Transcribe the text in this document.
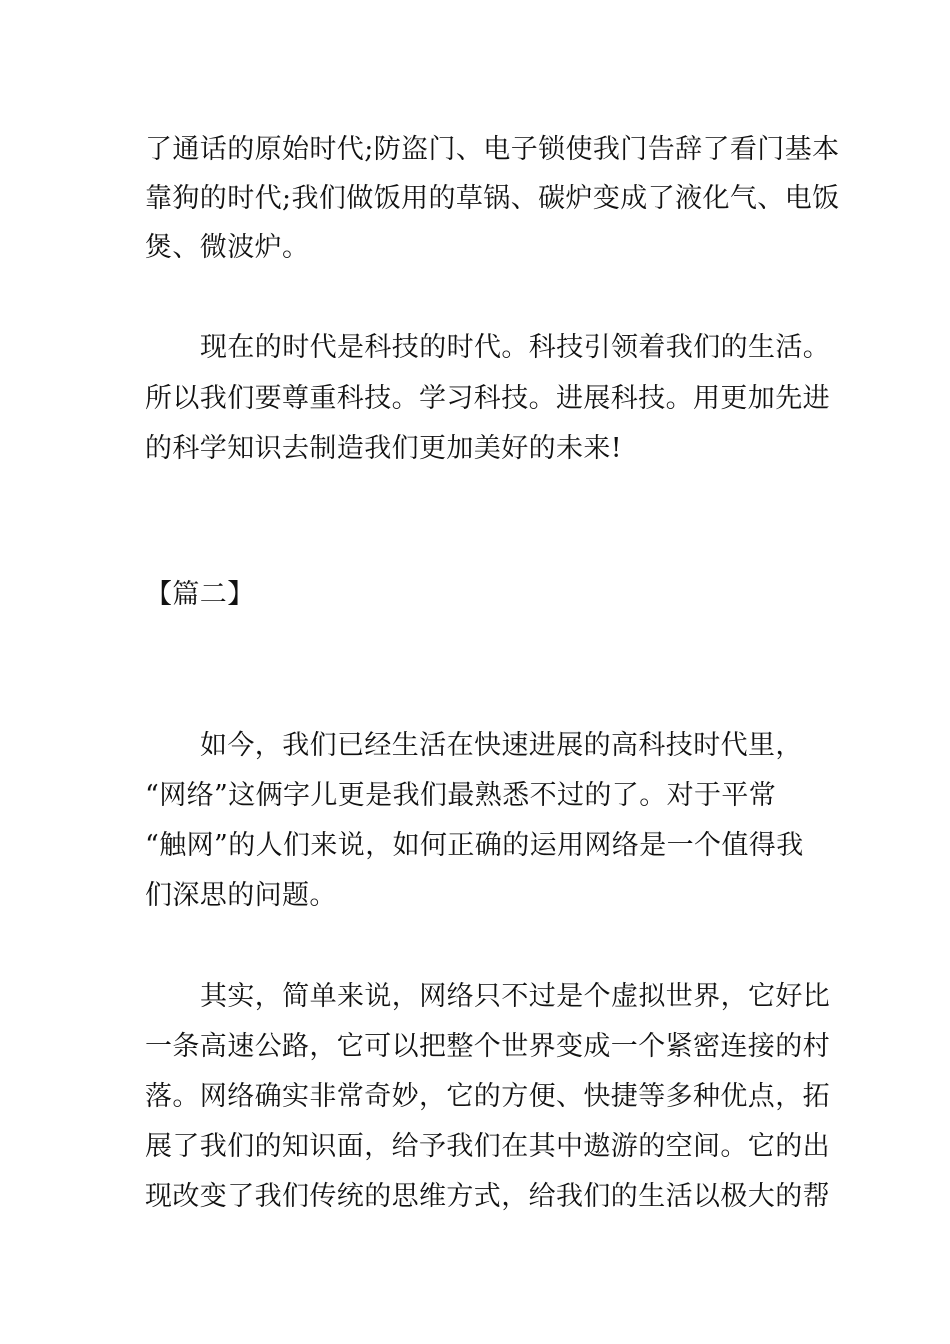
了通话的原始时代;防盗门、电子锁使我门告辞了看门基本
靠狗的时代;我们做饭用的草锅、碳炉变成了液化气、电饭
煲、微波炉。
现在的时代是科技的时代。科技引领着我们的生活。
所以我们要尊重科技。学习科技。进展科技。用更加先进
的科学知识去制造我们更加美好的未来!
【篇二】
如今，我们已经生活在快速进展的高科技时代里，
“网络”这俩字儿更是我们最熟悉不过的了。对于平常
“触网”的人们来说，如何正确的运用网络是一个值得我
们深思的问题。
其实，简单来说，网络只不过是个虚拟世界，它好比
一条高速公路，它可以把整个世界变成一个紧密连接的村
落。网络确实非常奇妙，它的方便、快捷等多种优点，拓
展了我们的知识面，给予我们在其中遨游的空间。它的出
现改变了我们传统的思维方式，给我们的生活以极大的帮
